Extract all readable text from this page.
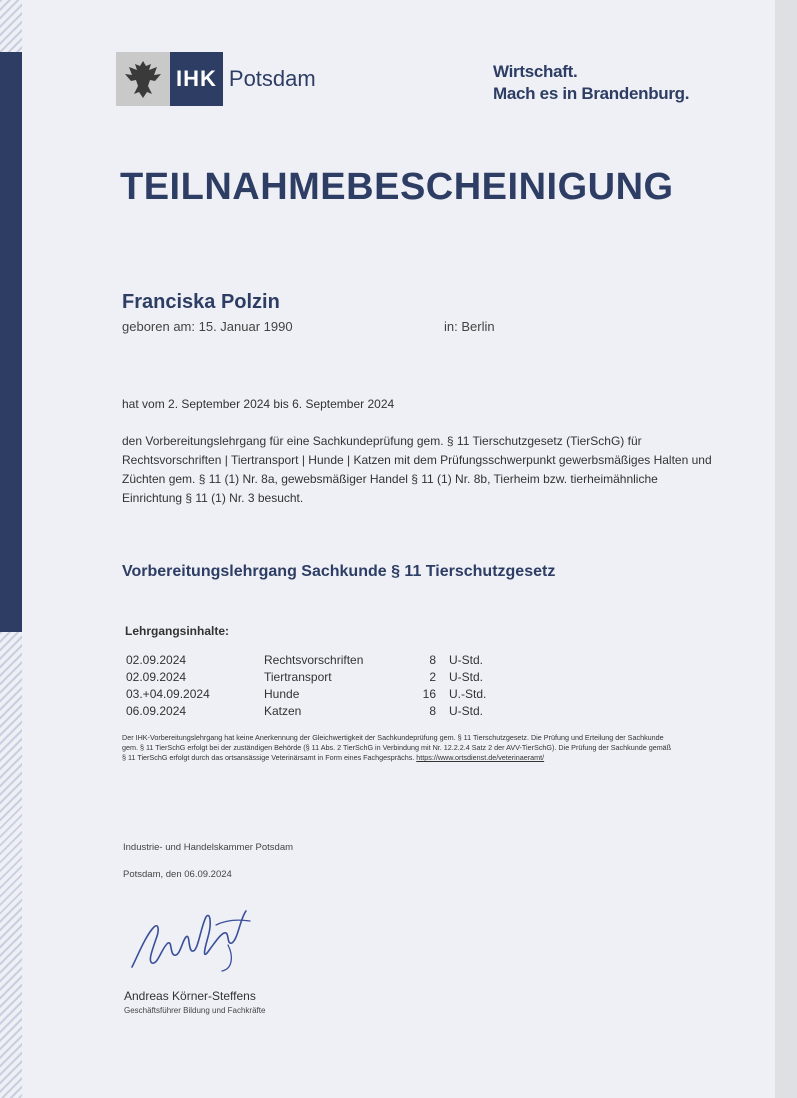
IHK Potsdam	Wirtschaft.
Mach es in Brandenburg.
TEILNAHMEBESCHEINIGUNG
Franciska Polzin
geboren am: 15. Januar 1990	in: Berlin
hat vom 2. September 2024 bis 6. September 2024
den Vorbereitungslehrgang für eine Sachkundeprüfung gem. § 11 Tierschutzgesetz (TierSchG) für
Rechtsvorschriften | Tiertransport | Hunde | Katzen mit dem Prüfungsschwerpunkt gewerbsmäßiges Halten und
Züchten gem. § 11 (1) Nr. 8a, gewebsmäßiger Handel § 11 (1) Nr. 8b, Tierheim bzw. tierheimähnliche
Einrichtung § 11 (1) Nr. 3 besucht.
Vorbereitungslehrgang Sachkunde § 11 Tierschutzgesetz
Lehrgangsinhalte:
02.09.2024	Rechtsvorschriften	8 U-Std.
02.09.2024	Tiertransport	2 U-Std.
03.+04.09.2024	Hunde	16 U.-Std.
06.09.2024	Katzen	8 U-Std.
Der IHK-Vorbereitungslehrgang hat keine Anerkennung der Gleichwertigkeit der Sachkundeprüfung gem. § 11 Tierschutzgesetz. Die Prüfung und Erteilung der Sachkunde
gem. § 11 TierSchG erfolgt bei der zuständigen Behörde (§ 11 Abs. 2 TierSchG in Verbindung mit Nr. 12.2.2.4 Satz 2 der AVV-TierSchG). Die Prüfung der Sachkunde gemäß
§ 11 TierSchG erfolgt durch das ortsansässige Veterinärsamt in Form eines Fachgesprächs. https://www.ortsdienst.de/veterinaeramt/
Industrie- und Handelskammer Potsdam
Potsdam, den 06.09.2024
Andreas Körner-Steffens
Geschäftsführer Bildung und Fachkräfte
